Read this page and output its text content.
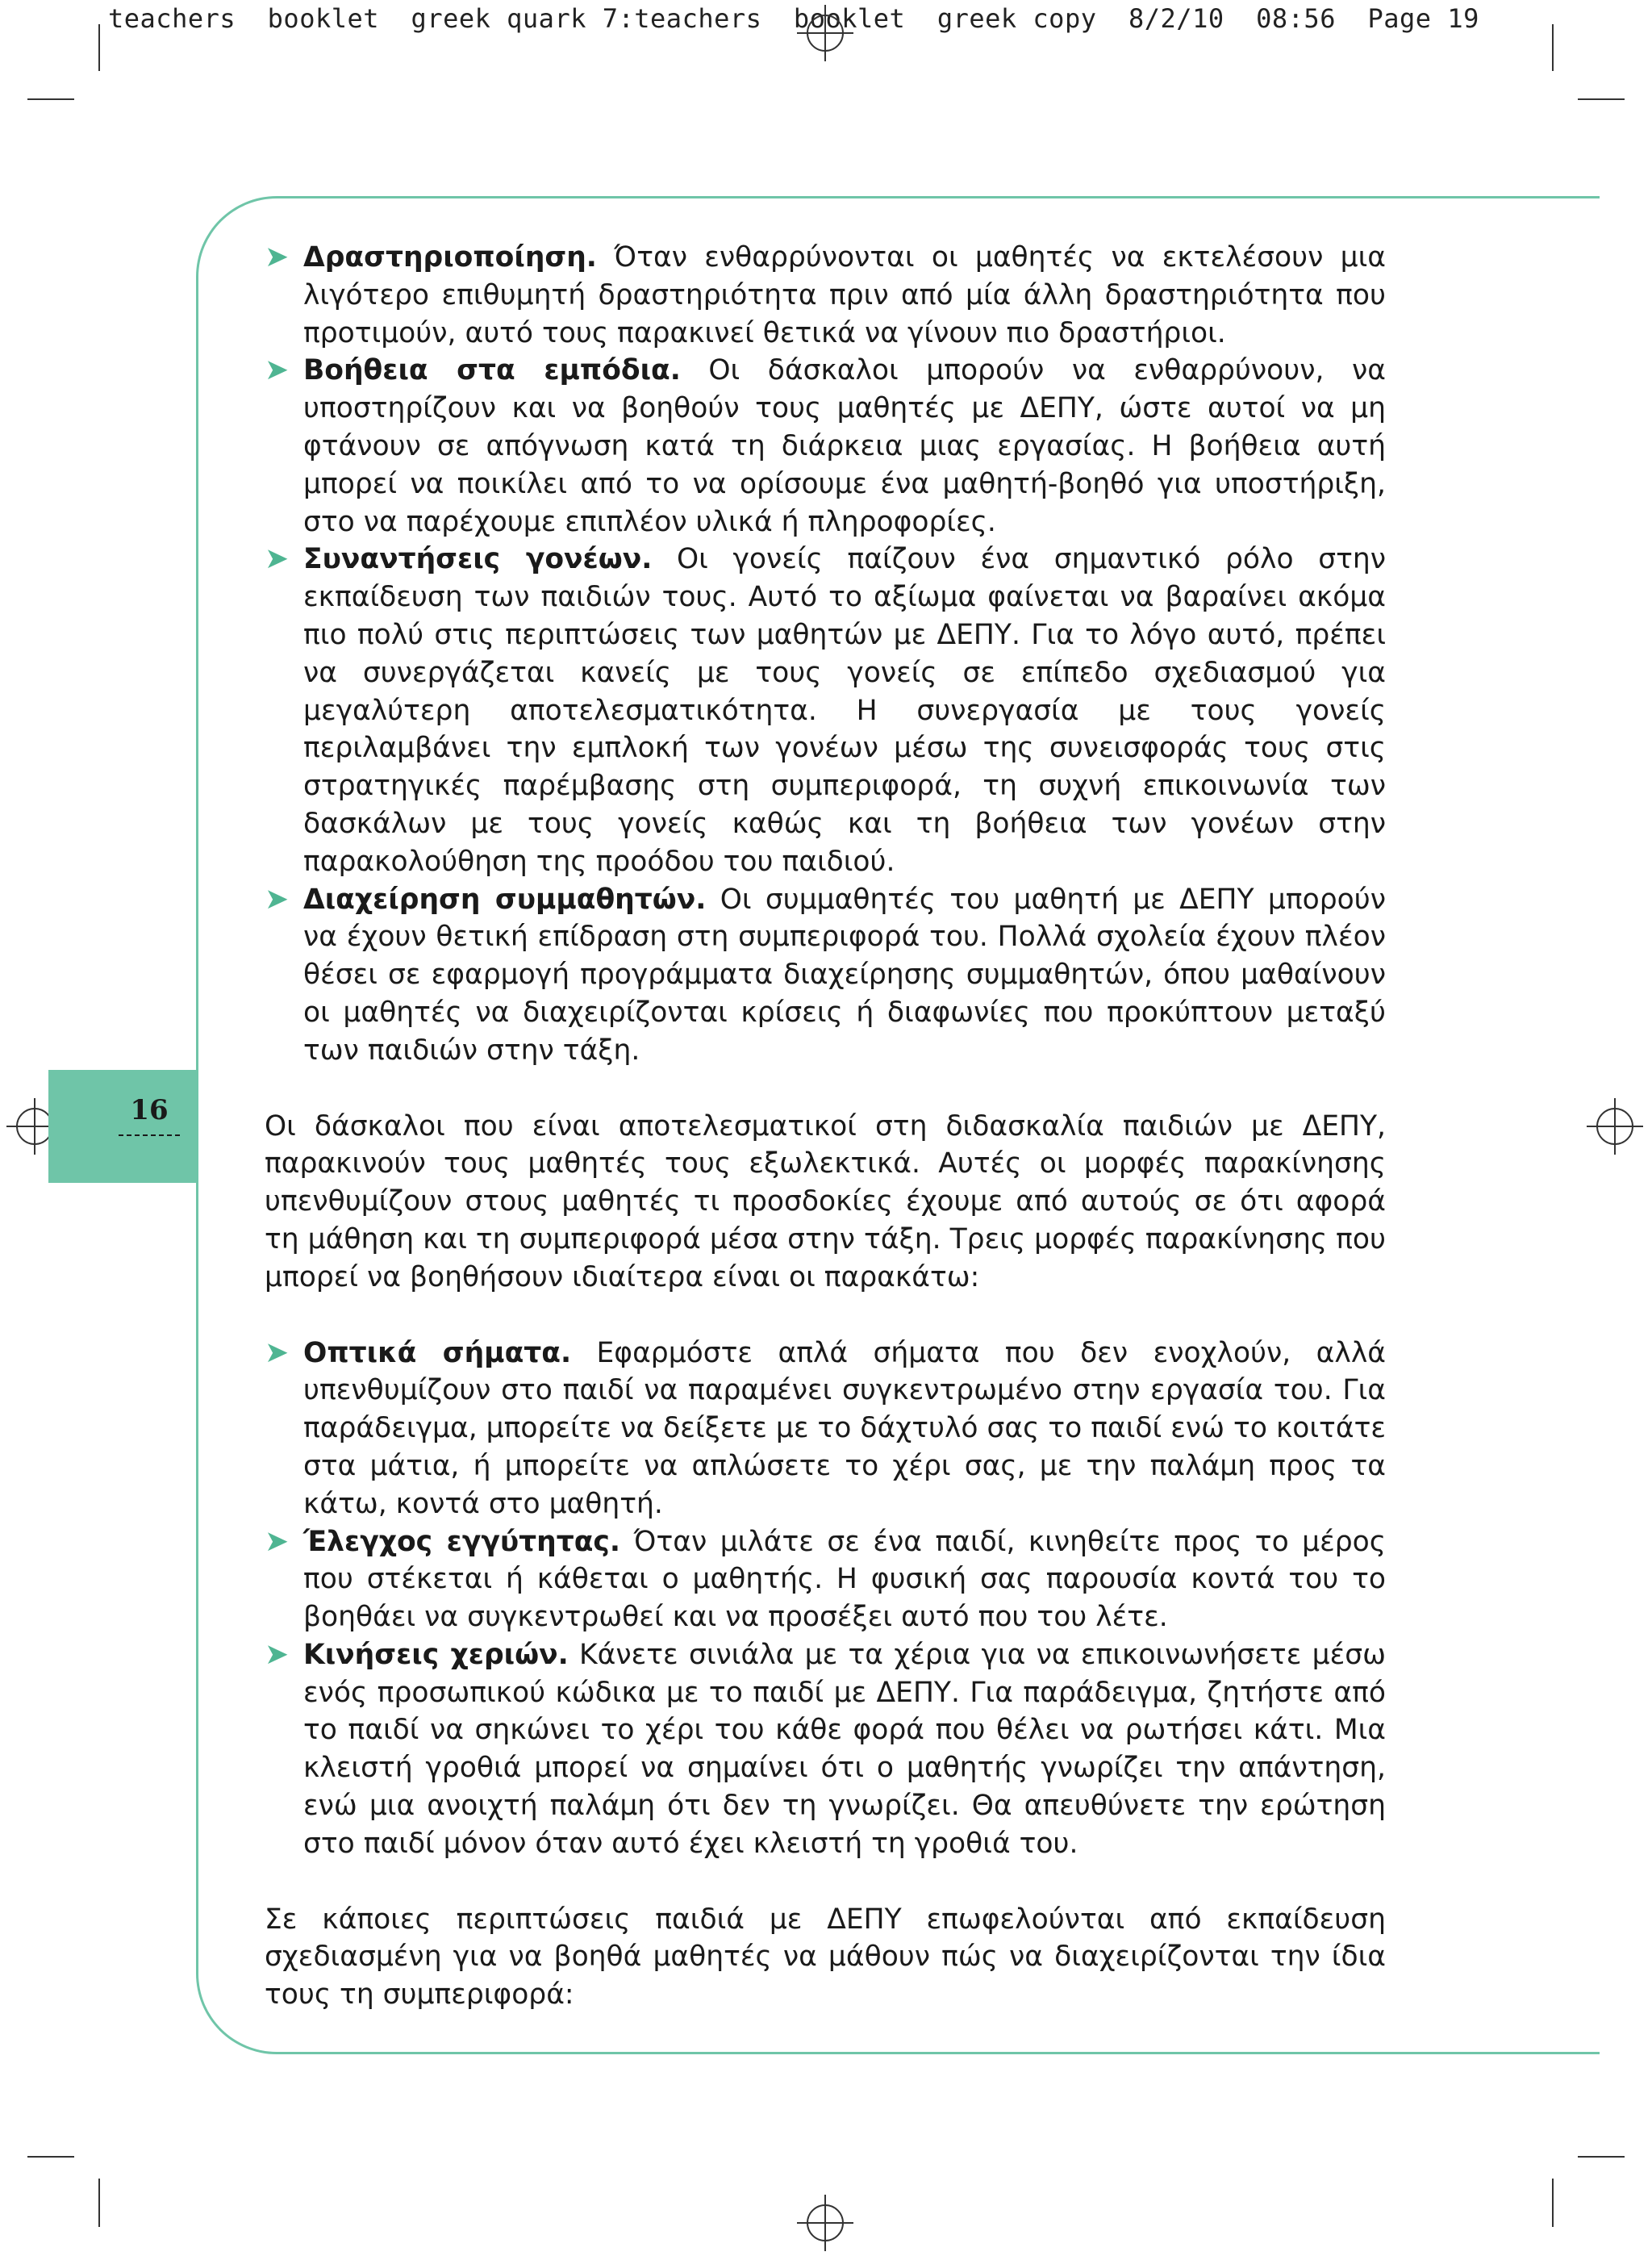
teachers  booklet  greek quark 7:teachers  booklet  greek copy  8/2/10  08:56  Page 19
16
➤ Δραστηριοποίηση. Όταν ενθαρρύνονται οι μαθητές να εκτελέσουν μια λιγότερο επιθυμητή δραστηριότητα πριν από μία άλλη δραστηριότητα που προτιμούν, αυτό τους παρακινεί θετικά να γίνουν πιο δραστήριοι.
➤ Βοήθεια στα εμπόδια. Οι δάσκαλοι μπορούν να ενθαρρύνουν, να υποστηρίζουν και να βοηθούν τους μαθητές με ΔΕΠΥ, ώστε αυτοί να μη φτάνουν σε απόγνωση κατά τη διάρκεια μιας εργασίας. Η βοήθεια αυτή μπορεί να ποικίλει από το να ορίσουμε ένα μαθητή-βοηθό για υποστήριξη, στο να παρέχουμε επιπλέον υλικά ή πληροφορίες.
➤ Συναντήσεις γονέων. Οι γονείς παίζουν ένα σημαντικό ρόλο στην εκπαίδευση των παιδιών τους. Αυτό το αξίωμα φαίνεται να βαραίνει ακόμα πιο πολύ στις περιπτώσεις των μαθητών με ΔΕΠΥ. Για το λόγο αυτό, πρέπει να συνεργάζεται κανείς με τους γονείς σε επίπεδο σχεδιασμού για μεγαλύτερη αποτελεσματικότητα. Η συνεργασία με τους γονείς περιλαμβάνει την εμπλοκή των γονέων μέσω της συνεισφοράς τους στις στρατηγικές παρέμβασης στη συμπεριφορά, τη συχνή επικοινωνία των δασκάλων με τους γονείς καθώς και τη βοήθεια των γονέων στην παρακολούθηση της προόδου του παιδιού.
➤ Διαχείρηση συμμαθητών. Οι συμμαθητές του μαθητή με ΔΕΠΥ μπορούν να έχουν θετική επίδραση στη συμπεριφορά του. Πολλά σχολεία έχουν πλέον θέσει σε εφαρμογή προγράμματα διαχείρησης συμμαθητών, όπου μαθαίνουν οι μαθητές να διαχειρίζονται κρίσεις ή διαφωνίες που προκύπτουν μεταξύ των παιδιών στην τάξη.
Οι δάσκαλοι που είναι αποτελεσματικοί στη διδασκαλία παιδιών με ΔΕΠΥ, παρακινούν τους μαθητές τους εξωλεκτικά. Αυτές οι μορφές παρακίνησης υπενθυμίζουν στους μαθητές τι προσδοκίες έχουμε από αυτούς σε ότι αφορά τη μάθηση και τη συμπεριφορά μέσα στην τάξη. Τρεις μορφές παρακίνησης που μπορεί να βοηθήσουν ιδιαίτερα είναι οι παρακάτω:
➤ Οπτικά σήματα. Εφαρμόστε απλά σήματα που δεν ενοχλούν, αλλά υπενθυμίζουν στο παιδί να παραμένει συγκεντρωμένο στην εργασία του. Για παράδειγμα, μπορείτε να δείξετε με το δάχτυλό σας το παιδί ενώ το κοιτάτε στα μάτια, ή μπορείτε να απλώσετε το χέρι σας, με την παλάμη προς τα κάτω, κοντά στο μαθητή.
➤ Έλεγχος εγγύτητας. Όταν μιλάτε σε ένα παιδί, κινηθείτε προς το μέρος που στέκεται ή κάθεται ο μαθητής. Η φυσική σας παρουσία κοντά του το βοηθάει να συγκεντρωθεί και να προσέξει αυτό που του λέτε.
➤ Κινήσεις χεριών. Κάνετε σινιάλα με τα χέρια για να επικοινωνήσετε μέσω ενός προσωπικού κώδικα με το παιδί με ΔΕΠΥ. Για παράδειγμα, ζητήστε από το παιδί να σηκώνει το χέρι του κάθε φορά που θέλει να ρωτήσει κάτι. Μια κλειστή γροθιά μπορεί να σημαίνει ότι ο μαθητής γνωρίζει την απάντηση, ενώ μια ανοιχτή παλάμη ότι δεν τη γνωρίζει. Θα απευθύνετε την ερώτηση στο παιδί μόνον όταν αυτό έχει κλειστή τη γροθιά του.
Σε κάποιες περιπτώσεις παιδιά με ΔΕΠΥ επωφελούνται από εκπαίδευση σχεδιασμένη για να βοηθά μαθητές να μάθουν πώς να διαχειρίζονται την ίδια τους τη συμπεριφορά:
